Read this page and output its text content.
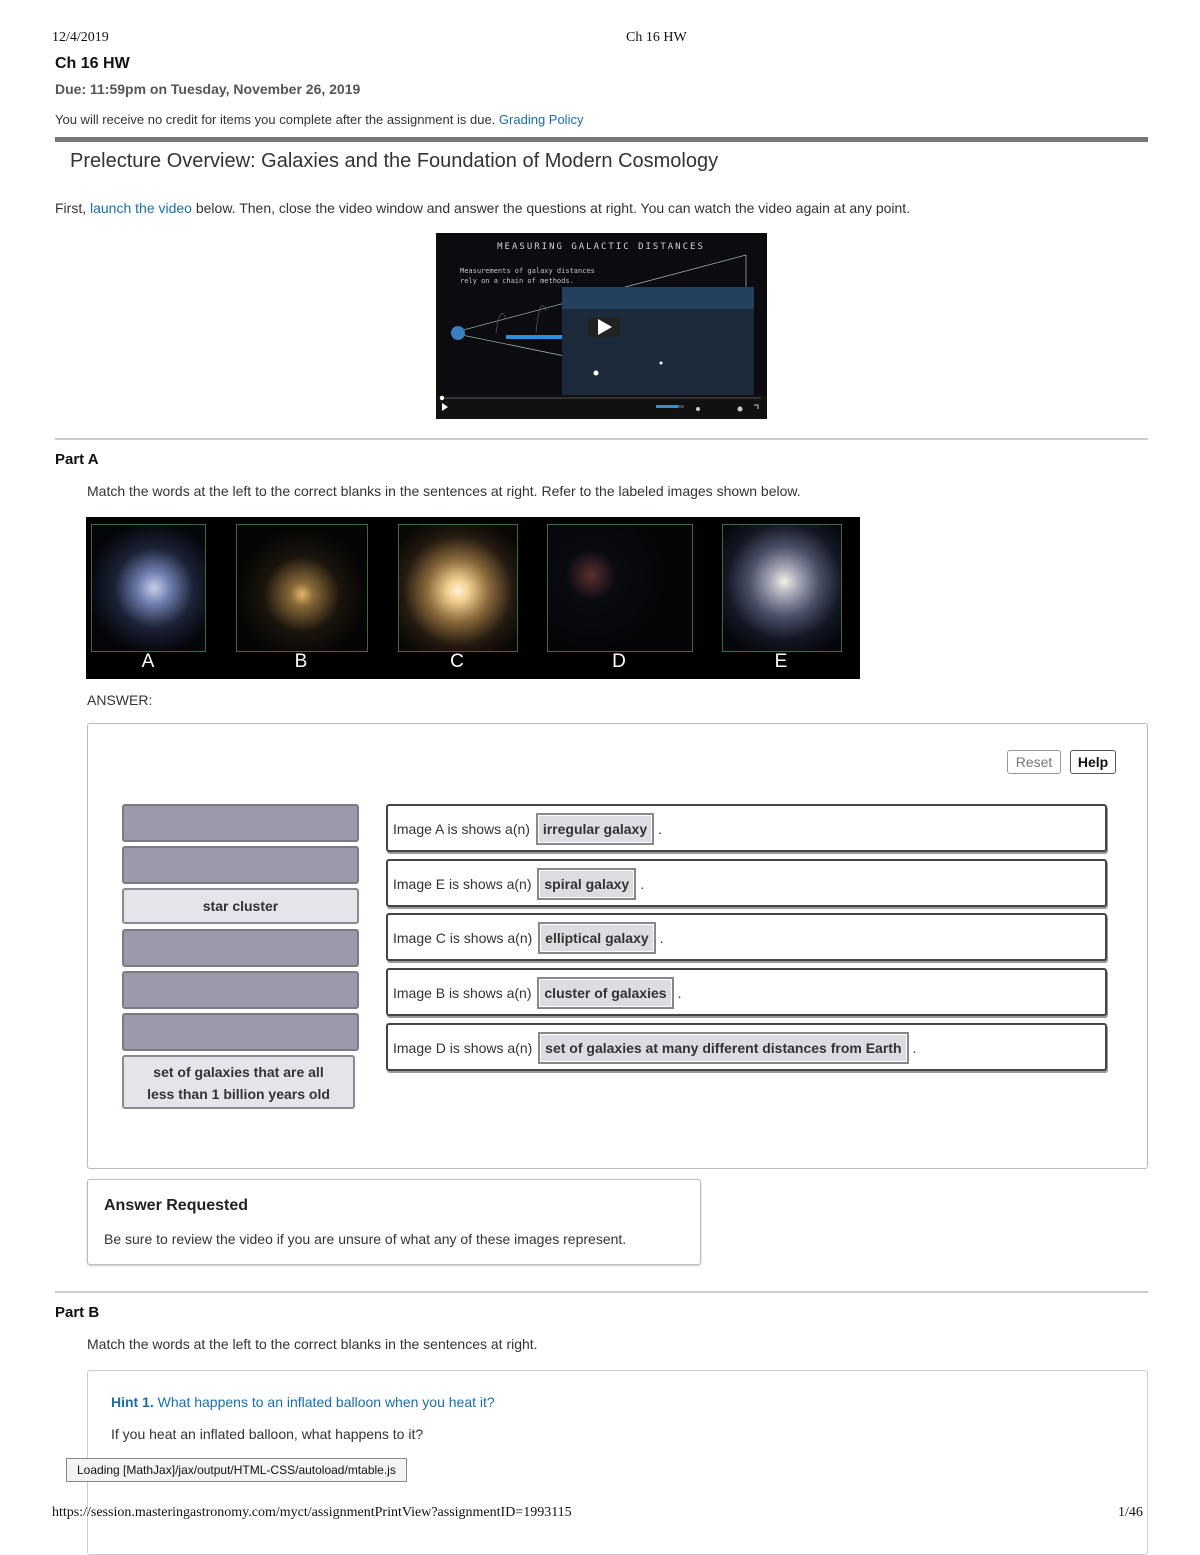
12/4/2019	Ch 16 HW
Ch 16 HW
Due: 11:59pm on Tuesday, November 26, 2019
You will receive no credit for items you complete after the assignment is due. Grading Policy
Prelecture Overview: Galaxies and the Foundation of Modern Cosmology
First, launch the video below. Then, close the video window and answer the questions at right. You can watch the video again at any point.
MEASURING GALACTIC DISTANCES
Measurements of galaxy distances
rely on a chain of methods.
Part A
Match the words at the left to the correct blanks in the sentences at right. Refer to the labeled images shown below.
A	B	C	D	E
ANSWER:
Reset	Help
star cluster
set of galaxies that are all
less than 1 billion years old
Image A is shows a(n) irregular galaxy .
Image E is shows a(n) spiral galaxy .
Image C is shows a(n) elliptical galaxy .
Image B is shows a(n) cluster of galaxies .
Image D is shows a(n) set of galaxies at many different distances from Earth .
Answer Requested
Be sure to review the video if you are unsure of what any of these images represent.
Part B
Match the words at the left to the correct blanks in the sentences at right.
Hint 1. What happens to an inflated balloon when you heat it?
If you heat an inflated balloon, what happens to it?
Loading [MathJax]/jax/output/HTML-CSS/autoload/mtable.js
https://session.masteringastronomy.com/myct/assignmentPrintView?assignmentID=1993115	1/46
